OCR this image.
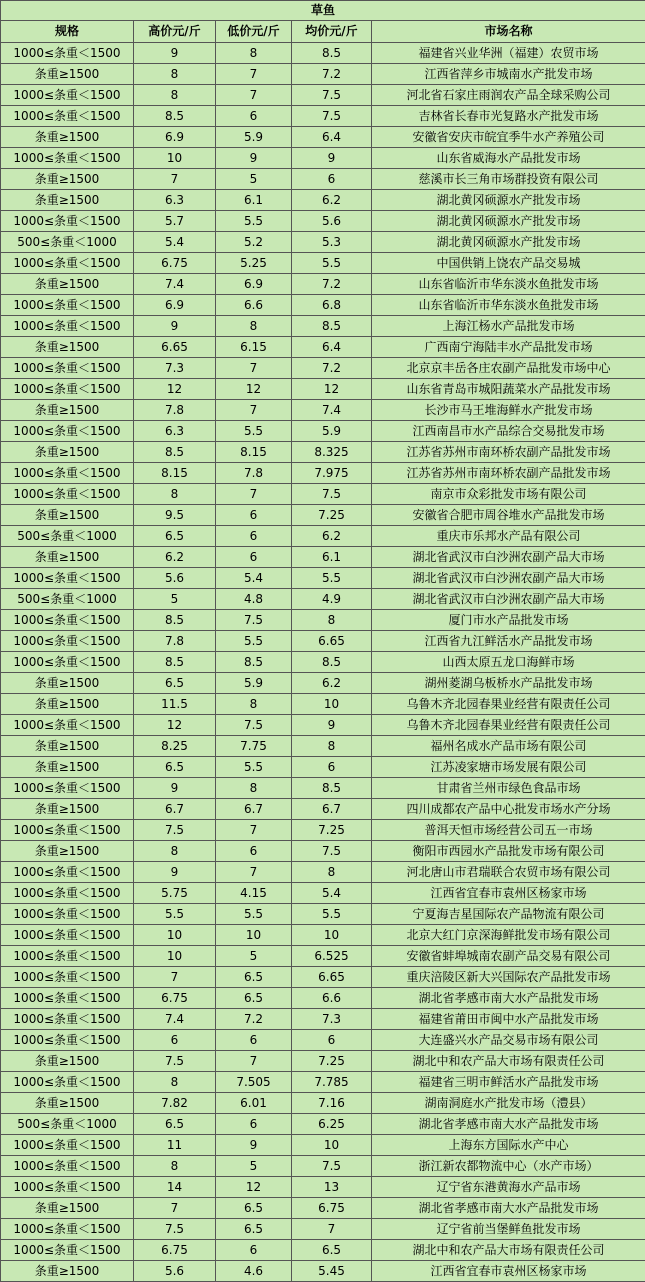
草鱼				
规格	高价元/斤	低价元/斤	均价元/斤	市场名称
1000≤条重＜1500	9	8	8.5	福建省兴业华洲（福建）农贸市场
条重≥1500	8	7	7.2	江西省萍乡市城南水产批发市场
1000≤条重＜1500	8	7	7.5	河北省石家庄雨润农产品全球采购公司
1000≤条重＜1500	8.5	6	7.5	吉林省长春市光复路水产批发市场
条重≥1500	6.9	5.9	6.4	安徽省安庆市皖宜季牛水产养殖公司
1000≤条重＜1500	10	9	9	山东省威海水产品批发市场
条重≥1500	7	5	6	慈溪市长三角市场群投资有限公司
条重≥1500	6.3	6.1	6.2	湖北黄冈硕源水产批发市场
1000≤条重＜1500	5.7	5.5	5.6	湖北黄冈硕源水产批发市场
500≤条重＜1000	5.4	5.2	5.3	湖北黄冈硕源水产批发市场
1000≤条重＜1500	6.75	5.25	5.5	中国供销上饶农产品交易城
条重≥1500	7.4	6.9	7.2	山东省临沂市华东淡水鱼批发市场
1000≤条重＜1500	6.9	6.6	6.8	山东省临沂市华东淡水鱼批发市场
1000≤条重＜1500	9	8	8.5	上海江杨水产品批发市场
条重≥1500	6.65	6.15	6.4	广西南宁海陆丰水产品批发市场
1000≤条重＜1500	7.3	7	7.2	北京京丰岳各庄农副产品批发市场中心
1000≤条重＜1500	12	12	12	山东省青岛市城阳蔬菜水产品批发市场
条重≥1500	7.8	7	7.4	长沙市马王堆海鲜水产批发市场
1000≤条重＜1500	6.3	5.5	5.9	江西南昌市水产品综合交易批发市场
条重≥1500	8.5	8.15	8.325	江苏省苏州市南环桥农副产品批发市场
1000≤条重＜1500	8.15	7.8	7.975	江苏省苏州市南环桥农副产品批发市场
1000≤条重＜1500	8	7	7.5	南京市众彩批发市场有限公司
条重≥1500	9.5	6	7.25	安徽省合肥市周谷堆水产品批发市场
500≤条重＜1000	6.5	6	6.2	重庆市乐邦水产品有限公司
条重≥1500	6.2	6	6.1	湖北省武汉市白沙洲农副产品大市场
1000≤条重＜1500	5.6	5.4	5.5	湖北省武汉市白沙洲农副产品大市场
500≤条重＜1000	5	4.8	4.9	湖北省武汉市白沙洲农副产品大市场
1000≤条重＜1500	8.5	7.5	8	厦门市水产品批发市场
1000≤条重＜1500	7.8	5.5	6.65	江西省九江鲜活水产品批发市场
1000≤条重＜1500	8.5	8.5	8.5	山西太原五龙口海鲜市场
条重≥1500	6.5	5.9	6.2	湖州菱湖乌板桥水产品批发市场
条重≥1500	11.5	8	10	乌鲁木齐北园春果业经营有限责任公司
1000≤条重＜1500	12	7.5	9	乌鲁木齐北园春果业经营有限责任公司
条重≥1500	8.25	7.75	8	福州名成水产品市场有限公司
条重≥1500	6.5	5.5	6	江苏凌家塘市场发展有限公司
1000≤条重＜1500	9	8	8.5	甘肃省兰州市绿色食品市场
条重≥1500	6.7	6.7	6.7	四川成都农产品中心批发市场水产分场
1000≤条重＜1500	7.5	7	7.25	普洱天恒市场经营公司五一市场
条重≥1500	8	6	7.5	衡阳市西园水产品批发市场有限公司
1000≤条重＜1500	9	7	8	河北唐山市君瑞联合农贸市场有限公司
1000≤条重＜1500	5.75	4.15	5.4	江西省宜春市袁州区杨家市场
1000≤条重＜1500	5.5	5.5	5.5	宁夏海吉星国际农产品物流有限公司
1000≤条重＜1500	10	10	10	北京大红门京深海鲜批发市场有限公司
1000≤条重＜1500	10	5	6.525	安徽省蚌埠城南农副产品交易有限公司
1000≤条重＜1500	7	6.5	6.65	重庆涪陵区新大兴国际农产品批发市场
1000≤条重＜1500	6.75	6.5	6.6	湖北省孝感市南大水产品批发市场
1000≤条重＜1500	7.4	7.2	7.3	福建省莆田市闽中水产品批发市场
1000≤条重＜1500	6	6	6	大连盛兴水产品交易市场有限公司
条重≥1500	7.5	7	7.25	湖北中和农产品大市场有限责任公司
1000≤条重＜1500	8	7.505	7.785	福建省三明市鲜活水产品批发市场
条重≥1500	7.82	6.01	7.16	湖南洞庭水产批发市场（澧县）
500≤条重＜1000	6.5	6	6.25	湖北省孝感市南大水产品批发市场
1000≤条重＜1500	11	9	10	上海东方国际水产中心
1000≤条重＜1500	8	5	7.5	浙江新农都物流中心（水产市场）
1000≤条重＜1500	14	12	13	辽宁省东港黄海水产品市场
条重≥1500	7	6.5	6.75	湖北省孝感市南大水产品批发市场
1000≤条重＜1500	7.5	6.5	7	辽宁省前当堡鲜鱼批发市场
1000≤条重＜1500	6.75	6	6.5	湖北中和农产品大市场有限责任公司
条重≥1500	5.6	4.6	5.45	江西省宜春市袁州区杨家市场
